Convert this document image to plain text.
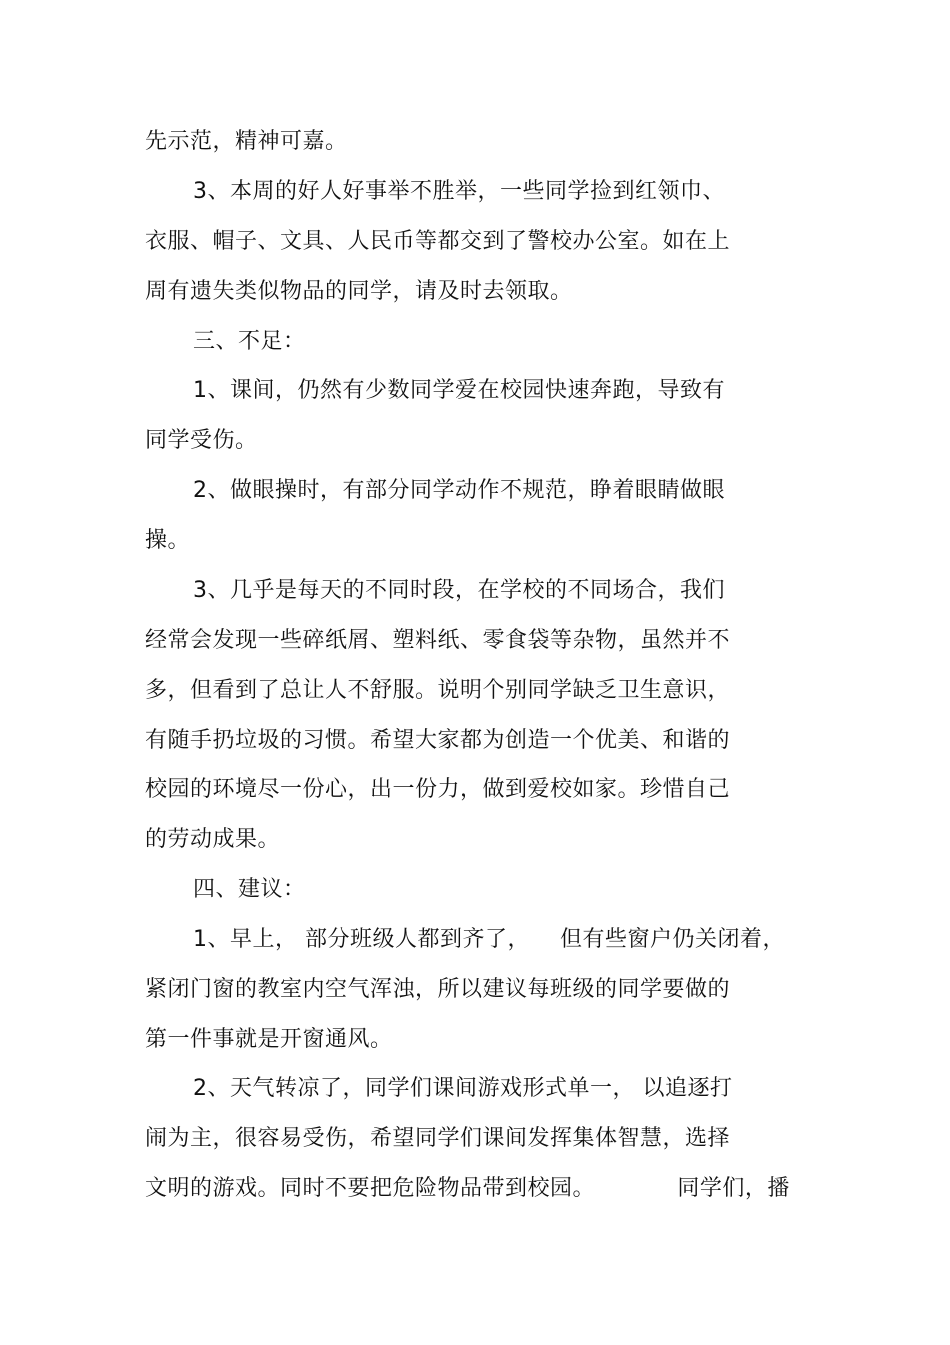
先示范，精神可嘉。
3、本周的好人好事举不胜举，一些同学捡到红领巾、
衣服、帽子、文具、人民币等都交到了警校办公室。如在上
周有遗失类似物品的同学，请及时去领取。
三、不足：
1、课间，仍然有少数同学爱在校园快速奔跑，导致有
同学受伤。
2、做眼操时，有部分同学动作不规范，睁着眼睛做眼
操。
3、几乎是每天的不同时段，在学校的不同场合，我们
经常会发现一些碎纸屑、塑料纸、零食袋等杂物，虽然并不
多，但看到了总让人不舒服。说明个别同学缺乏卫生意识，
有随手扔垃圾的习惯。希望大家都为创造一个优美、和谐的
校园的环境尽一份心，出一份力，做到爱校如家。珍惜自己
的劳动成果。
四、建议：
1、早上， 部分班级人都到齐了，    但有些窗户仍关闭着，
紧闭门窗的教室内空气浑浊，所以建议每班级的同学要做的
第一件事就是开窗通风。
2、天气转凉了，同学们课间游戏形式单一， 以追逐打
闹为主，很容易受伤，希望同学们课间发挥集体智慧，选择
文明的游戏。同时不要把危险物品带到校园。           同学们，播
